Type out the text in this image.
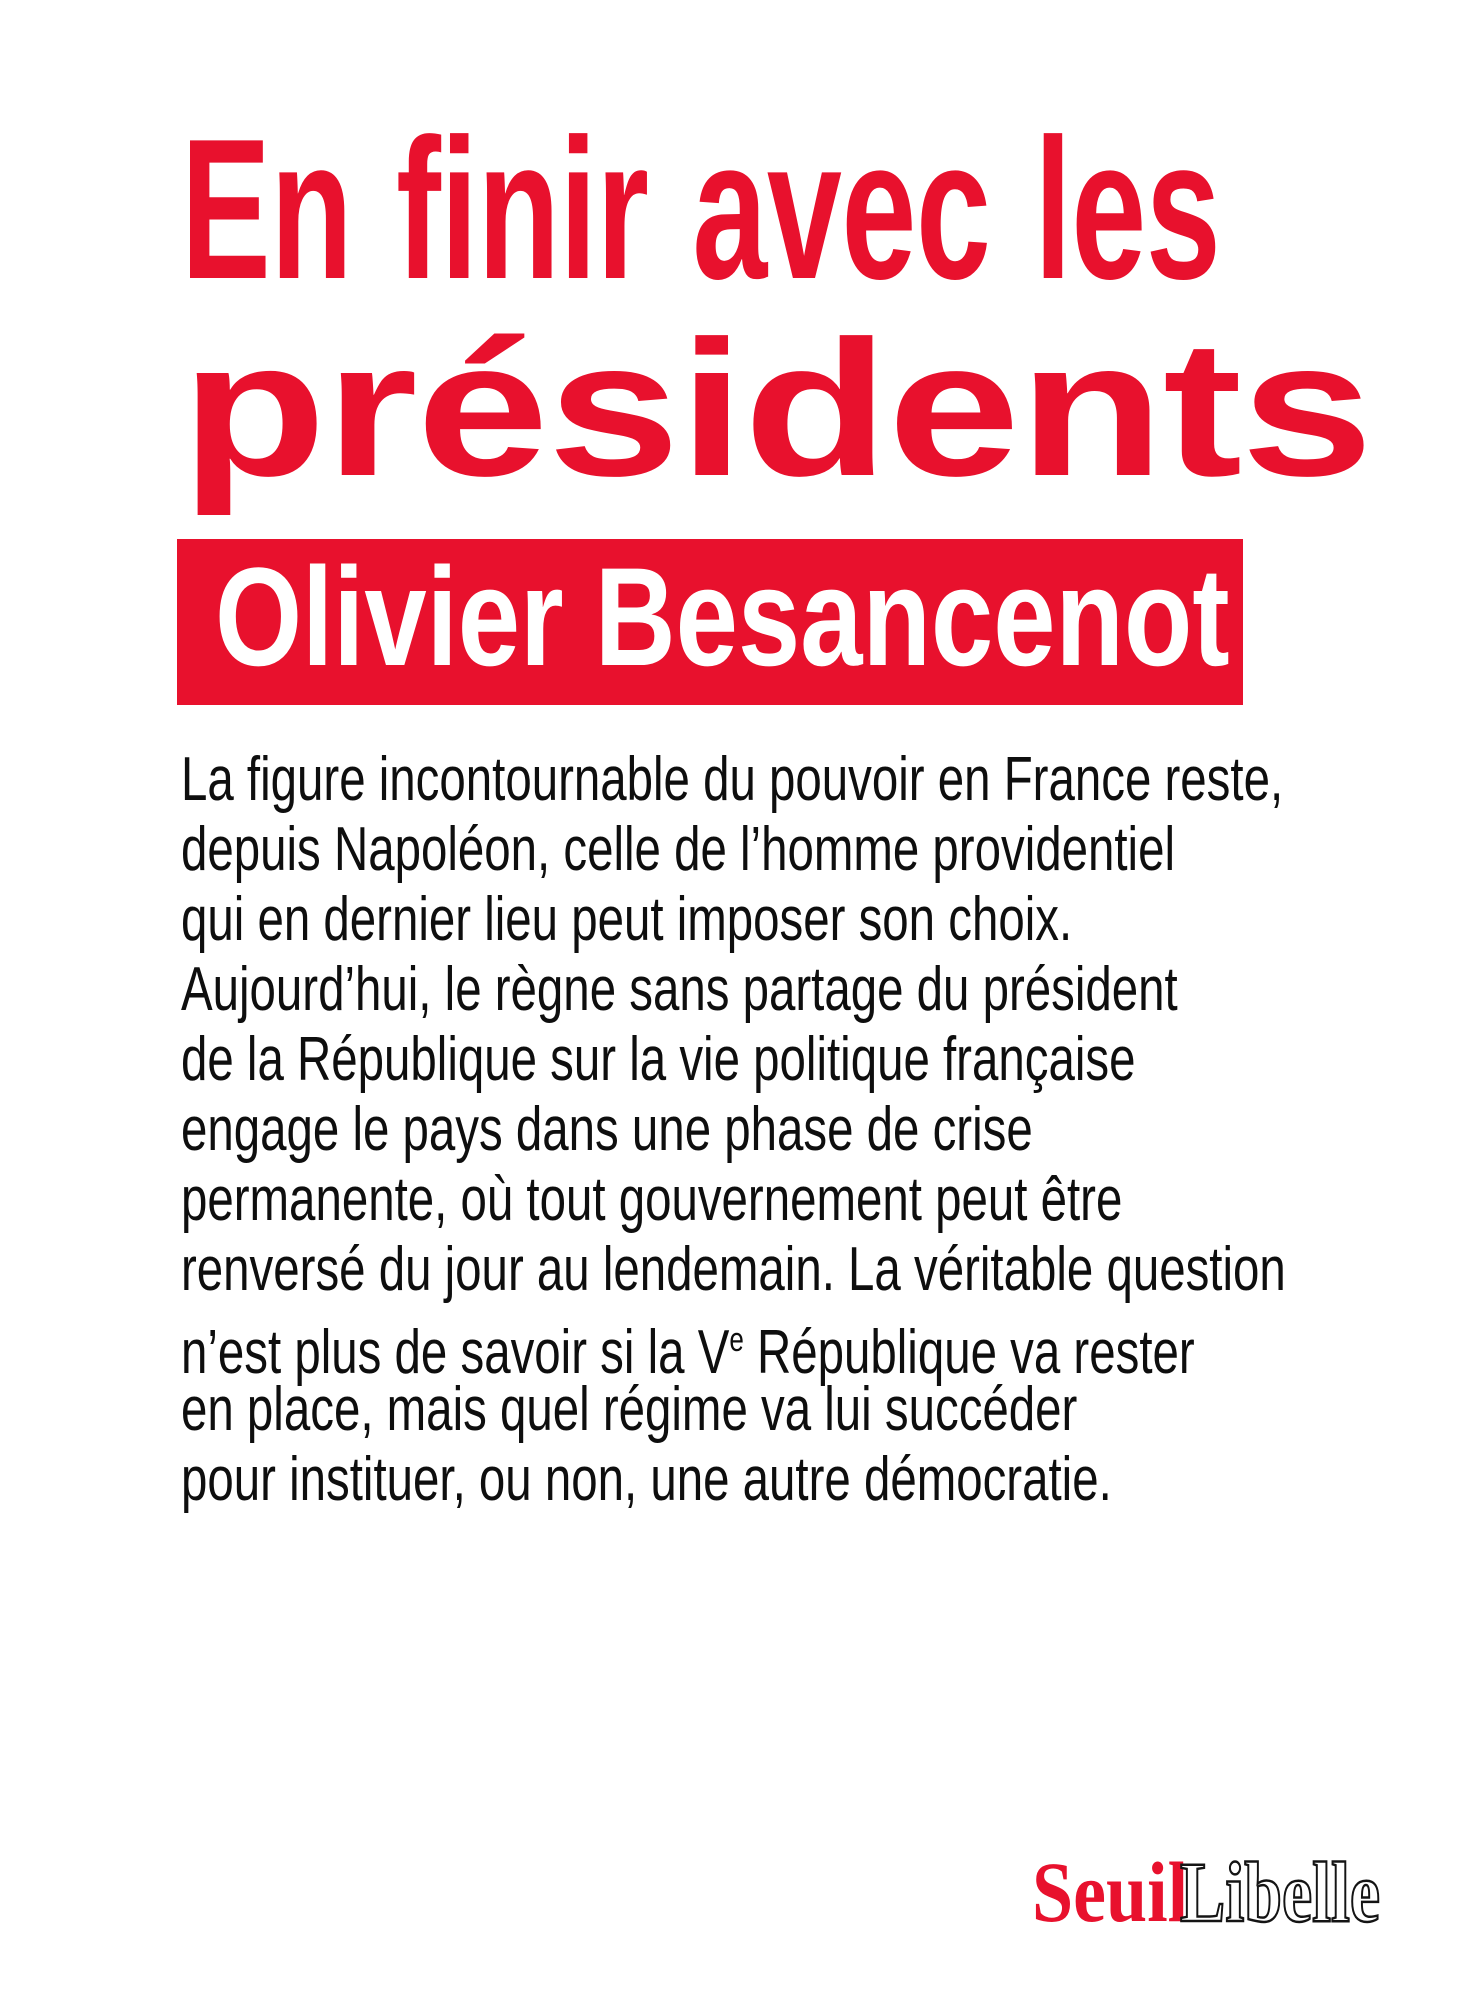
En finir avec les
présidents
Olivier Besancenot
La figure incontournable du pouvoir en France reste,
depuis Napoléon, celle de l’homme providentiel
qui en dernier lieu peut imposer son choix.
Aujourd’hui, le règne sans partage du président
de la République sur la vie politique française
engage le pays dans une phase de crise
permanente, où tout gouvernement peut être
renversé du jour au lendemain. La véritable question
n’est plus de savoir si la Ve République va rester
en place, mais quel régime va lui succéder
pour instituer, ou non, une autre démocratie.
Seuil
Libelle
